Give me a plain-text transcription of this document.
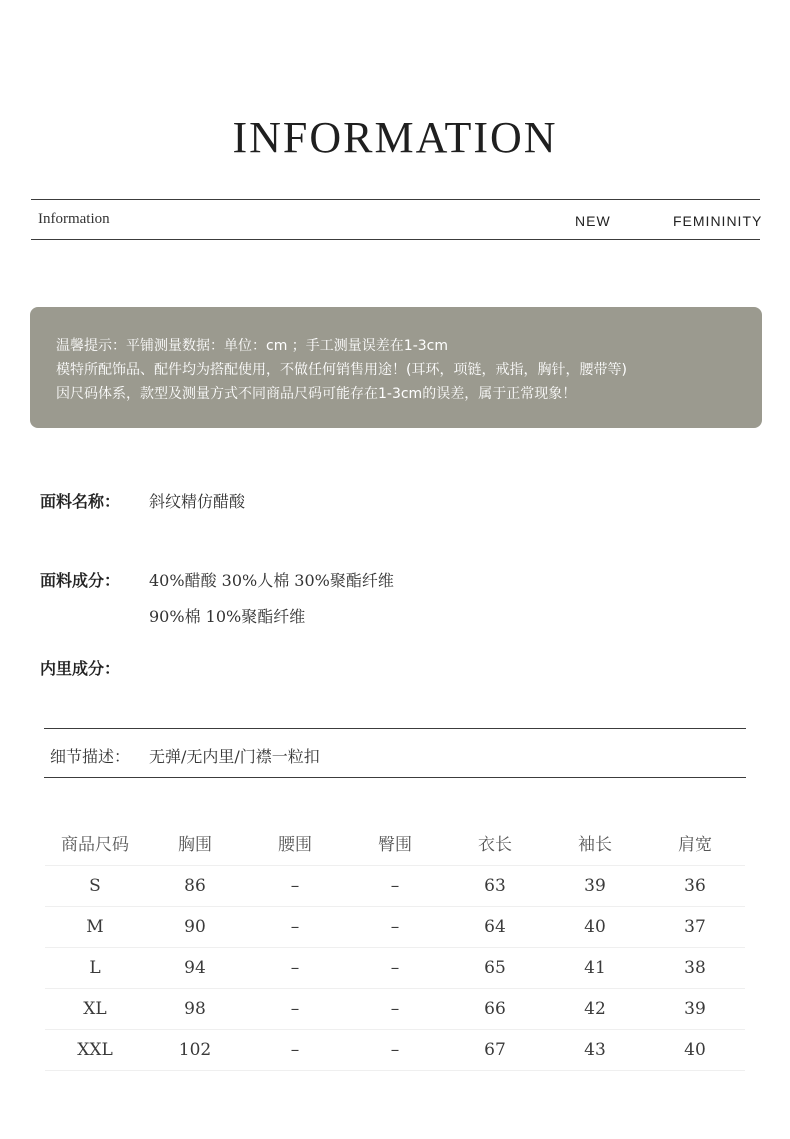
INFORMATION
Information	NEW	FEMININITY
温馨提示：平铺测量数据：单位：cm ；手工测量误差在1-3cm
模特所配饰品、配件均为搭配使用，不做任何销售用途！(耳环，项链，戒指，胸针，腰带等)
因尺码体系，款型及测量方式不同商品尺码可能存在1-3cm的误差，属于正常现象！
面料名称： 斜纹精仿醋酸
面料成分： 40%醋酸 30%人棉 30%聚酯纤维
90%棉 10%聚酯纤维
内里成分：
细节描述： 无弹/无内里/门襟一粒扣
商品尺码	胸围	腰围	臀围	衣长	袖长	肩宽
S	86	–	–	63	39	36
M	90	–	–	64	40	37
L	94	–	–	65	41	38
XL	98	–	–	66	42	39
XXL	102	–	–	67	43	40
